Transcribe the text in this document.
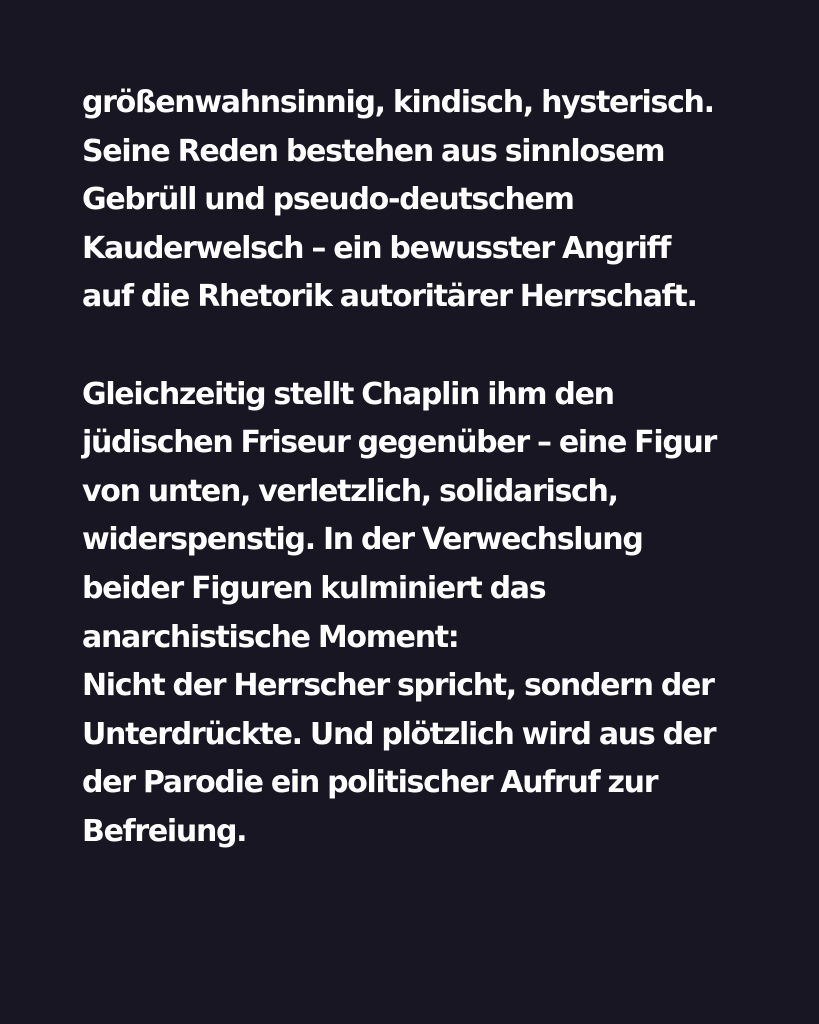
größenwahnsinnig, kindisch, hysterisch.
Seine Reden bestehen aus sinnlosem
Gebrüll und pseudo-deutschem
Kauderwelsch – ein bewusster Angriff
auf die Rhetorik autoritärer Herrschaft.
Gleichzeitig stellt Chaplin ihm den
jüdischen Friseur gegenüber – eine Figur
von unten, verletzlich, solidarisch,
widerspenstig. In der Verwechslung
beider Figuren kulminiert das
anarchistische Moment:
Nicht der Herrscher spricht, sondern der
Unterdrückte. Und plötzlich wird aus der
der Parodie ein politischer Aufruf zur
Befreiung.
